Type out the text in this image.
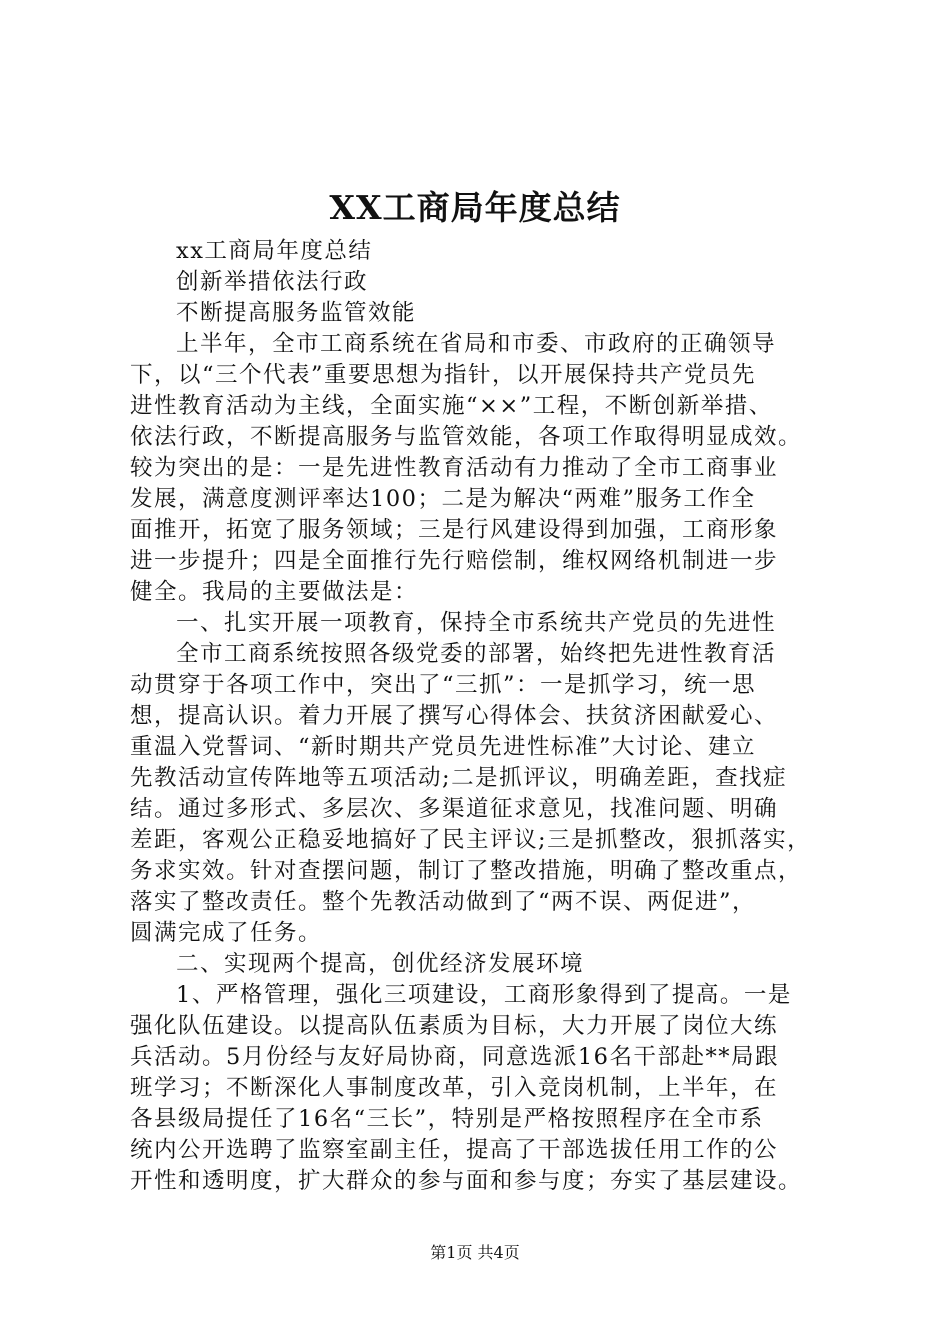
XX工商局年度总结

xx工商局年度总结

创新举措依法行政

不断提高服务监管效能

上半年，全市工商系统在省局和市委、市政府的正确领导

下，以“三个代表”重要思想为指针，以开展保持共产党员先

进性教育活动为主线，全面实施“××”工程，不断创新举措、

依法行政，不断提高服务与监管效能，各项工作取得明显成效。

较为突出的是：一是先进性教育活动有力推动了全市工商事业

发展，满意度测评率达100；二是为解决“两难”服务工作全

面推开，拓宽了服务领域；三是行风建设得到加强，工商形象

进一步提升；四是全面推行先行赔偿制，维权网络机制进一步

健全。我局的主要做法是：

一、扎实开展一项教育，保持全市系统共产党员的先进性

全市工商系统按照各级党委的部署，始终把先进性教育活

动贯穿于各项工作中，突出了“三抓”：一是抓学习，统一思

想，提高认识。着力开展了撰写心得体会、扶贫济困献爱心、

重温入党誓词、“新时期共产党员先进性标准”大讨论、建立

先教活动宣传阵地等五项活动;二是抓评议，明确差距，查找症

结。通过多形式、多层次、多渠道征求意见，找准问题、明确

差距，客观公正稳妥地搞好了民主评议;三是抓整改，狠抓落实，

务求实效。针对查摆问题，制订了整改措施，明确了整改重点，

落实了整改责任。整个先教活动做到了“两不误、两促进”，

圆满完成了任务。

二、实现两个提高，创优经济发展环境

1、严格管理，强化三项建设，工商形象得到了提高。一是

强化队伍建设。以提高队伍素质为目标，大力开展了岗位大练

兵活动。5月份经与友好局协商，同意选派16名干部赴**局跟

班学习；不断深化人事制度改革，引入竞岗机制，上半年，在

各县级局提任了16名“三长”，特别是严格按照程序在全市系

统内公开选聘了监察室副主任，提高了干部选拔任用工作的公

开性和透明度，扩大群众的参与面和参与度；夯实了基层建设。

第1页 共4页
